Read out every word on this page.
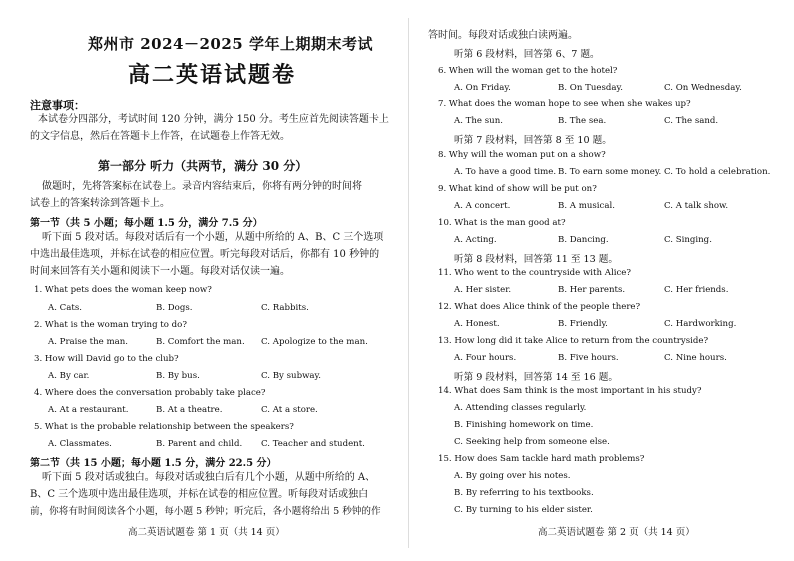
郑州市 2024－2025 学年上期期末考试
高二英语试题卷
注意事项：
本试卷分四部分，考试时间 120 分钟，满分 150 分。考生应首先阅读答题卡上
的文字信息，然后在答题卡上作答，在试题卷上作答无效。
第一部分 听力（共两节，满分 30 分）
做题时，先将答案标在试卷上。录音内容结束后，你将有两分钟的时间将
试卷上的答案转涂到答题卡上。
第一节（共 5 小题；每小题 1.5 分，满分 7.5 分）
听下面 5 段对话。每段对话后有一个小题，从题中所给的 A、B、C 三个选项
中选出最佳选项，并标在试卷的相应位置。听完每段对话后，你都有 10 秒钟的
时间来回答有关小题和阅读下一小题。每段对话仅读一遍。
1. What pets does the woman keep now?
A. Cats.	B. Dogs.	C. Rabbits.
2. What is the woman trying to do?
A. Praise the man.	B. Comfort the man. C. Apologize to the man.
3. How will David go to the club?
A. By car.	B. By bus.	C. By subway.
4. Where does the conversation probably take place?
A. At a restaurant.	B. At a theatre.	C. At a store.
5. What is the probable relationship between the speakers?
A. Classmates.	B. Parent and child. C. Teacher and student.
第二节（共 15 小题；每小题 1.5 分，满分 22.5 分）
听下面 5 段对话或独白。每段对话或独白后有几个小题，从题中所给的 A、
B、C 三个选项中选出最佳选项，并标在试卷的相应位置。听每段对话或独白
前，你将有时间阅读各个小题，每小题 5 秒钟；听完后，各小题将给出 5 秒钟的作
高二英语试题卷 第 1 页（共 14 页）
答时间。每段对话或独白读两遍。
听第 6 段材料，回答第 6、7 题。
6. When will the woman get to the hotel?
A. On Friday.	B. On Tuesday.	C. On Wednesday.
7. What does the woman hope to see when she wakes up?
A. The sun.	B. The sea.	C. The sand.
听第 7 段材料，回答第 8 至 10 题。
8. Why will the woman put on a show?
A. To have a good time. B. To earn some money. C. To hold a celebration.
9. What kind of show will be put on?
A. A concert.	B. A musical.	C. A talk show.
10. What is the man good at?
A. Acting.	B. Dancing.	C. Singing.
听第 8 段材料，回答第 11 至 13 题。
11. Who went to the countryside with Alice?
A. Her sister.	B. Her parents.	C. Her friends.
12. What does Alice think of the people there?
A. Honest.	B. Friendly.	C. Hardworking.
13. How long did it take Alice to return from the countryside?
A. Four hours.	B. Five hours.	C. Nine hours.
听第 9 段材料，回答第 14 至 16 题。
14. What does Sam think is the most important in his study?
A. Attending classes regularly.
B. Finishing homework on time.
C. Seeking help from someone else.
15. How does Sam tackle hard math problems?
A. By going over his notes.
B. By referring to his textbooks.
C. By turning to his elder sister.
高二英语试题卷 第 2 页（共 14 页）
